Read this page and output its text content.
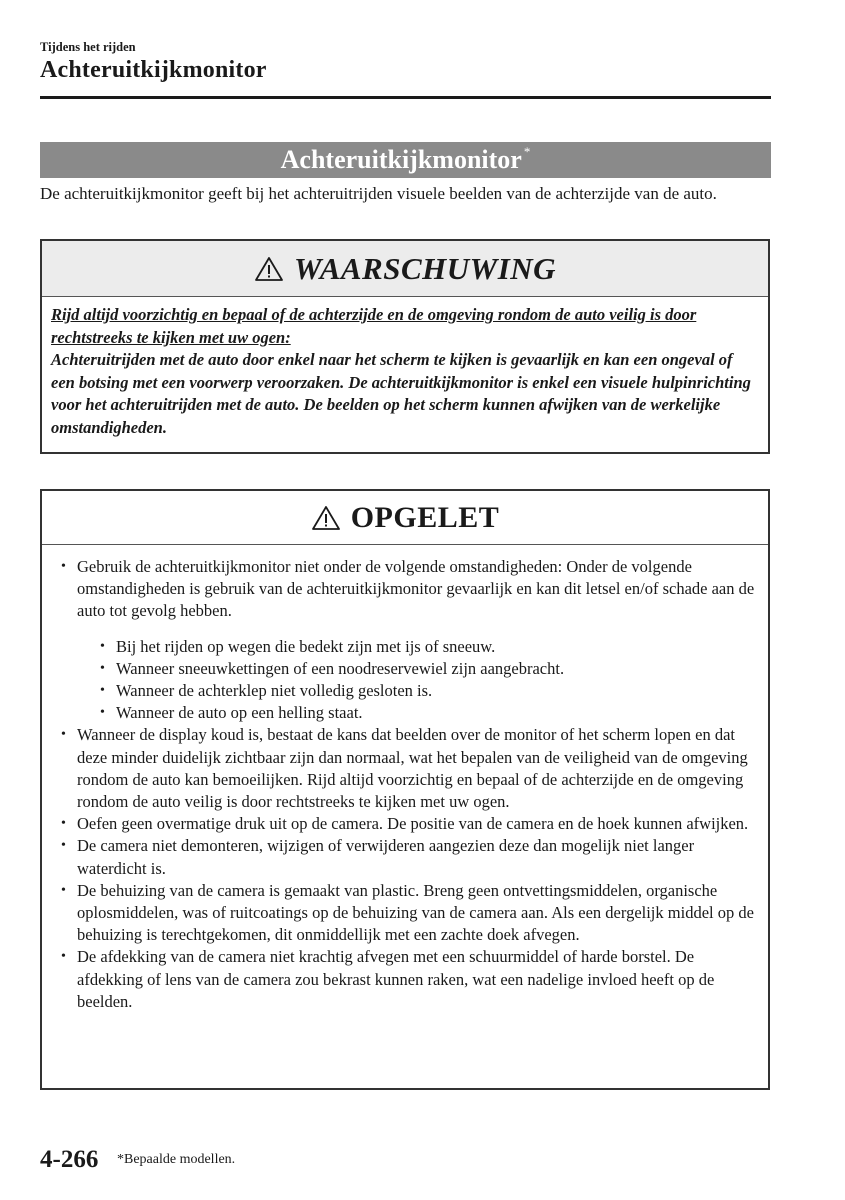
Tijdens het rijden
Achteruitkijkmonitor
Achteruitkijkmonitor *
De achteruitkijkmonitor geeft bij het achteruitrijden visuele beelden van de achterzijde van de auto.
WAARSCHUWING
Rijd altijd voorzichtig en bepaal of de achterzijde en de omgeving rondom de auto veilig is door rechtstreeks te kijken met uw ogen:
Achteruitrijden met de auto door enkel naar het scherm te kijken is gevaarlijk en kan een ongeval of een botsing met een voorwerp veroorzaken. De achteruitkijkmonitor is enkel een visuele hulpinrichting voor het achteruitrijden met de auto. De beelden op het scherm kunnen afwijken van de werkelijke omstandigheden.
OPGELET
• Gebruik de achteruitkijkmonitor niet onder de volgende omstandigheden: Onder de volgende omstandigheden is gebruik van de achteruitkijkmonitor gevaarlijk en kan dit letsel en/of schade aan de auto tot gevolg hebben.
• Bij het rijden op wegen die bedekt zijn met ijs of sneeuw.
• Wanneer sneeuwkettingen of een noodreservewiel zijn aangebracht.
• Wanneer de achterklep niet volledig gesloten is.
• Wanneer de auto op een helling staat.
• Wanneer de display koud is, bestaat de kans dat beelden over de monitor of het scherm lopen en dat deze minder duidelijk zichtbaar zijn dan normaal, wat het bepalen van de veiligheid van de omgeving rondom de auto kan bemoeilijken. Rijd altijd voorzichtig en bepaal of de achterzijde en de omgeving rondom de auto veilig is door rechtstreeks te kijken met uw ogen.
• Oefen geen overmatige druk uit op de camera. De positie van de camera en de hoek kunnen afwijken.
• De camera niet demonteren, wijzigen of verwijderen aangezien deze dan mogelijk niet langer waterdicht is.
• De behuizing van de camera is gemaakt van plastic. Breng geen ontvettingsmiddelen, organische oplosmiddelen, was of ruitcoatings op de behuizing van de camera aan. Als een dergelijk middel op de behuizing is terechtgekomen, dit onmiddellijk met een zachte doek afvegen.
• De afdekking van de camera niet krachtig afvegen met een schuurmiddel of harde borstel. De afdekking of lens van de camera zou bekrast kunnen raken, wat een nadelige invloed heeft op de beelden.
4-266 *Bepaalde modellen.
